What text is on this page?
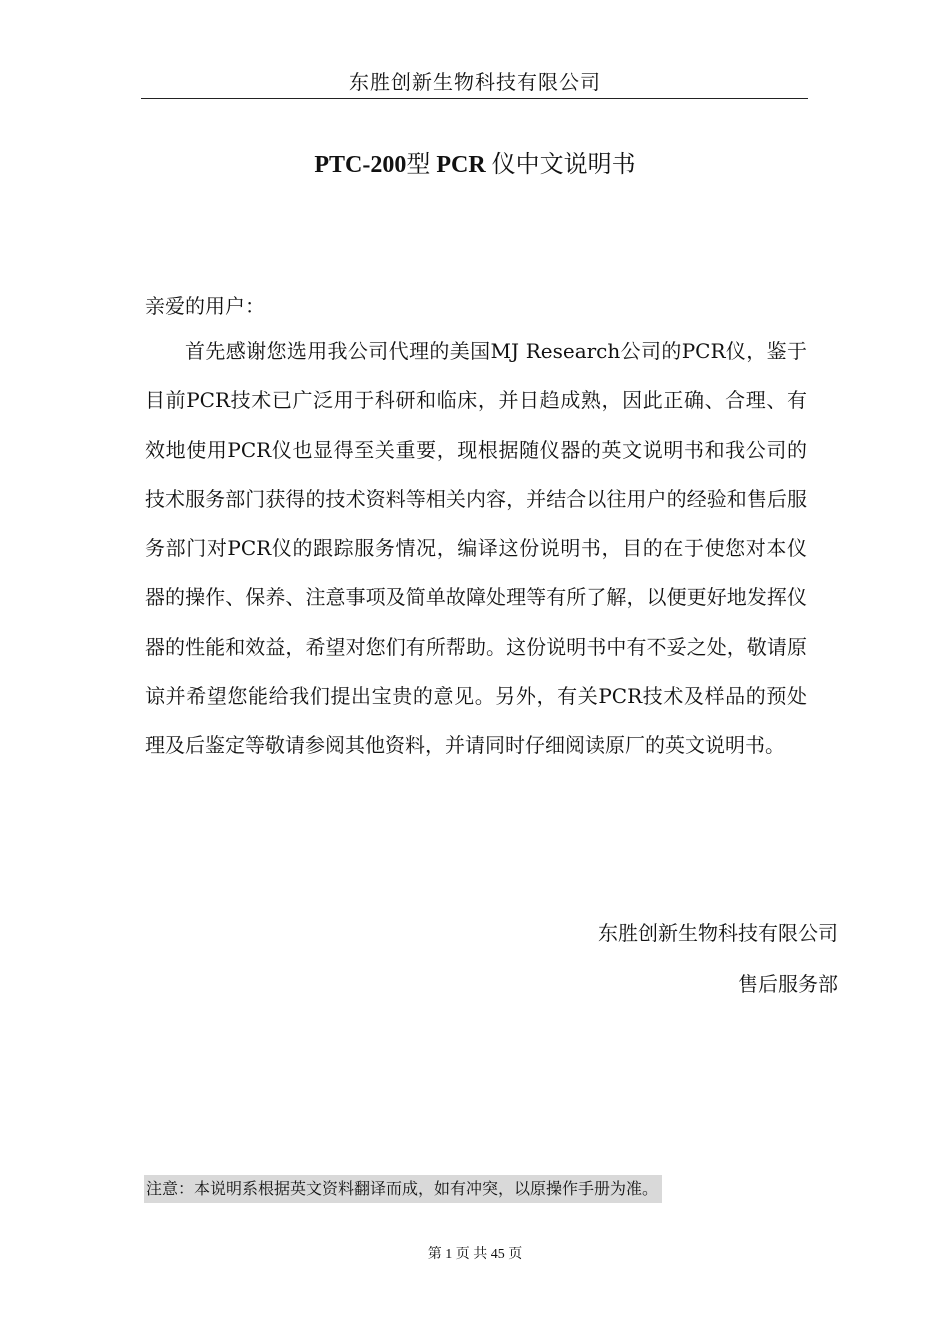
东胜创新生物科技有限公司
PTC-200型 PCR 仪中文说明书
亲爱的用户：

首先感谢您选用我公司代理的美国MJ Research公司的PCR仪，鉴于目前PCR技术已广泛用于科研和临床，并日趋成熟，因此正确、合理、有效地使用PCR仪也显得至关重要，现根据随仪器的英文说明书和我公司的技术服务部门获得的技术资料等相关内容，并结合以往用户的经验和售后服务部门对PCR仪的跟踪服务情况，编译这份说明书，目的在于使您对本仪器的操作、保养、注意事项及简单故障处理等有所了解，以便更好地发挥仪器的性能和效益，希望对您们有所帮助。这份说明书中有不妥之处，敬请原谅并希望您能给我们提出宝贵的意见。另外，有关PCR技术及样品的预处理及后鉴定等敬请参阅其他资料，并请同时仔细阅读原厂的英文说明书。

东胜创新生物科技有限公司
售后服务部
注意：本说明系根据英文资料翻译而成，如有冲突，以原操作手册为准。
第 1 页 共 45 页
